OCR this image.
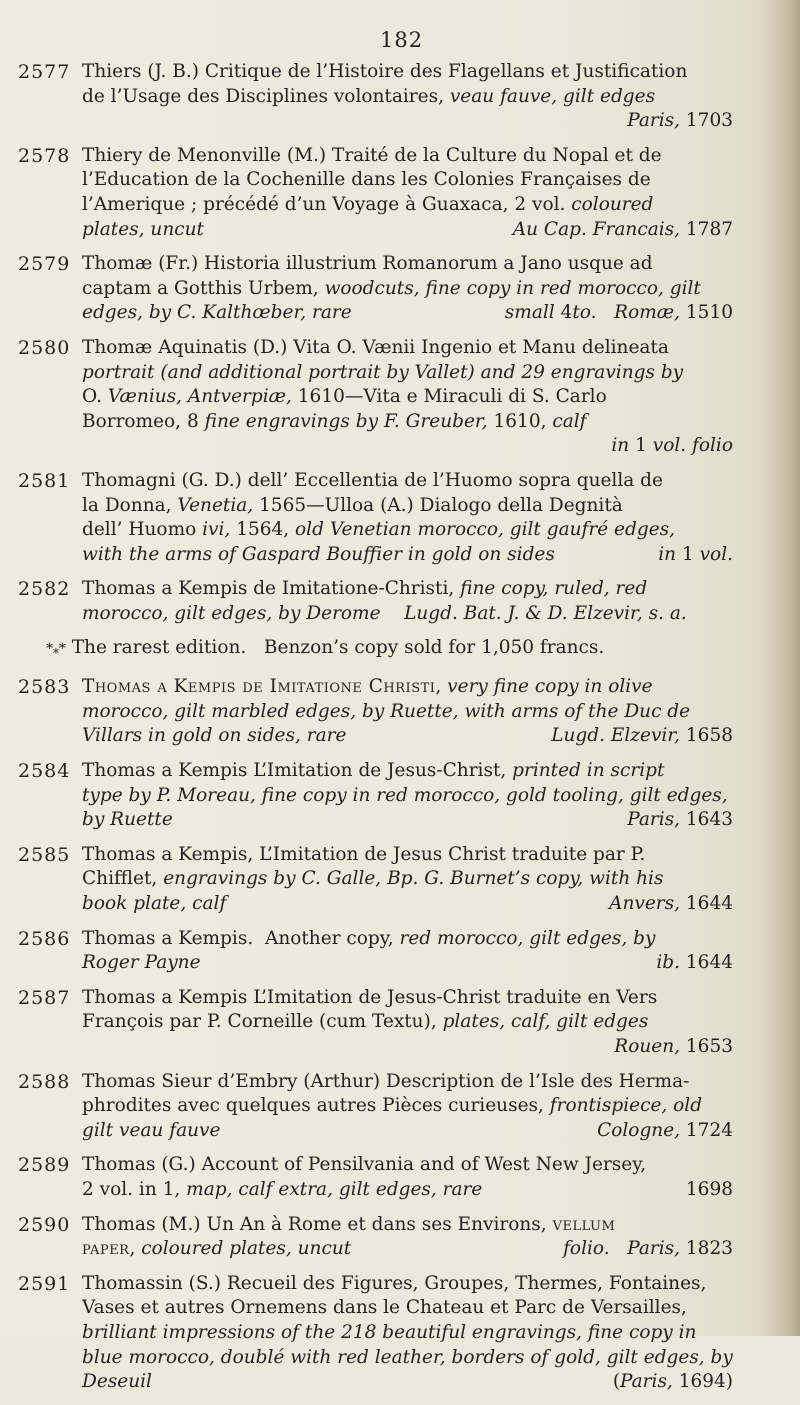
182
2577 Thiers (J. B.) Critique de l’Histoire des Flagellans et Justification
de l’Usage des Disciplines volontaires, veau fauve, gilt edges
Paris, 1703
2578 Thiery de Menonville (M.) Traité de la Culture du Nopal et de
l’Education de la Cochenille dans les Colonies Françaises de
l’Amerique ; précédé d’un Voyage à Guaxaca, 2 vol. coloured
plates, uncut	Au Cap. Francais, 1787
2579 Thomæ (Fr.) Historia illustrium Romanorum a Jano usque ad
captam a Gotthis Urbem, woodcuts, fine copy in red morocco, gilt
edges, by C. Kalthœber, rare	small 4to. Romæ, 1510
2580 Thomæ Aquinatis (D.) Vita O. Vænii Ingenio et Manu delineata
portrait (and additional portrait by Vallet) and 29 engravings by
O. Vænius, Antverpiæ, 1610—Vita e Miraculi di S. Carlo
Borromeo, 8 fine engravings by F. Greuber, 1610, calf
in 1 vol. folio
2581 Thomagni (G. D.) dell’ Eccellentia de l’Huomo sopra quella de
la Donna, Venetia, 1565—Ulloa (A.) Dialogo della Degnità
dell’ Huomo ivi, 1564, old Venetian morocco, gilt gaufré edges,
with the arms of Gaspard Bouffier in gold on sides	in 1 vol.
2582 Thomas a Kempis de Imitatione-Christi, fine copy, ruled, red
morocco, gilt edges, by Derome Lugd. Bat. J. & D. Elzevir, s. a.
$*_**$ The rarest edition.   Benzon’s copy sold for 1,050 francs.
2583 Thomas a Kempis de Imitatione Christi, very fine copy in olive
morocco, gilt marbled edges, by Ruette, with arms of the Duc de
Villars in gold on sides, rare	Lugd. Elzevir, 1658
2584 Thomas a Kempis L’Imitation de Jesus-Christ, printed in script
type by P. Moreau, fine copy in red morocco, gold tooling, gilt edges,
by Ruette	Paris, 1643
2585 Thomas a Kempis, L’Imitation de Jesus Christ traduite par P.
Chifflet, engravings by C. Galle, Bp. G. Burnet’s copy, with his
book plate, calf	Anvers, 1644
2586 Thomas a Kempis.  Another copy, red morocco, gilt edges, by
Roger Payne	ib. 1644
2587 Thomas a Kempis L’Imitation de Jesus-Christ traduite en Vers
François par P. Corneille (cum Textu), plates, calf, gilt edges
Rouen, 1653
2588 Thomas Sieur d’Embry (Arthur) Description de l’Isle des Herma-
phrodites avec quelques autres Pièces curieuses, frontispiece, old
gilt veau fauve	Cologne, 1724
2589 Thomas (G.) Account of Pensilvania and of West New Jersey,
2 vol. in 1, map, calf extra, gilt edges, rare	1698
2590 Thomas (M.) Un An à Rome et dans ses Environs, vellum
paper, coloured plates, uncut	folio. Paris, 1823
2591 Thomassin (S.) Recueil des Figures, Groupes, Thermes, Fontaines,
Vases et autres Ornemens dans le Chateau et Parc de Versailles,
brilliant impressions of the 218 beautiful engravings, fine copy in
blue morocco, doublé with red leather, borders of gold, gilt edges, by
Deseuil	(Paris, 1694)
